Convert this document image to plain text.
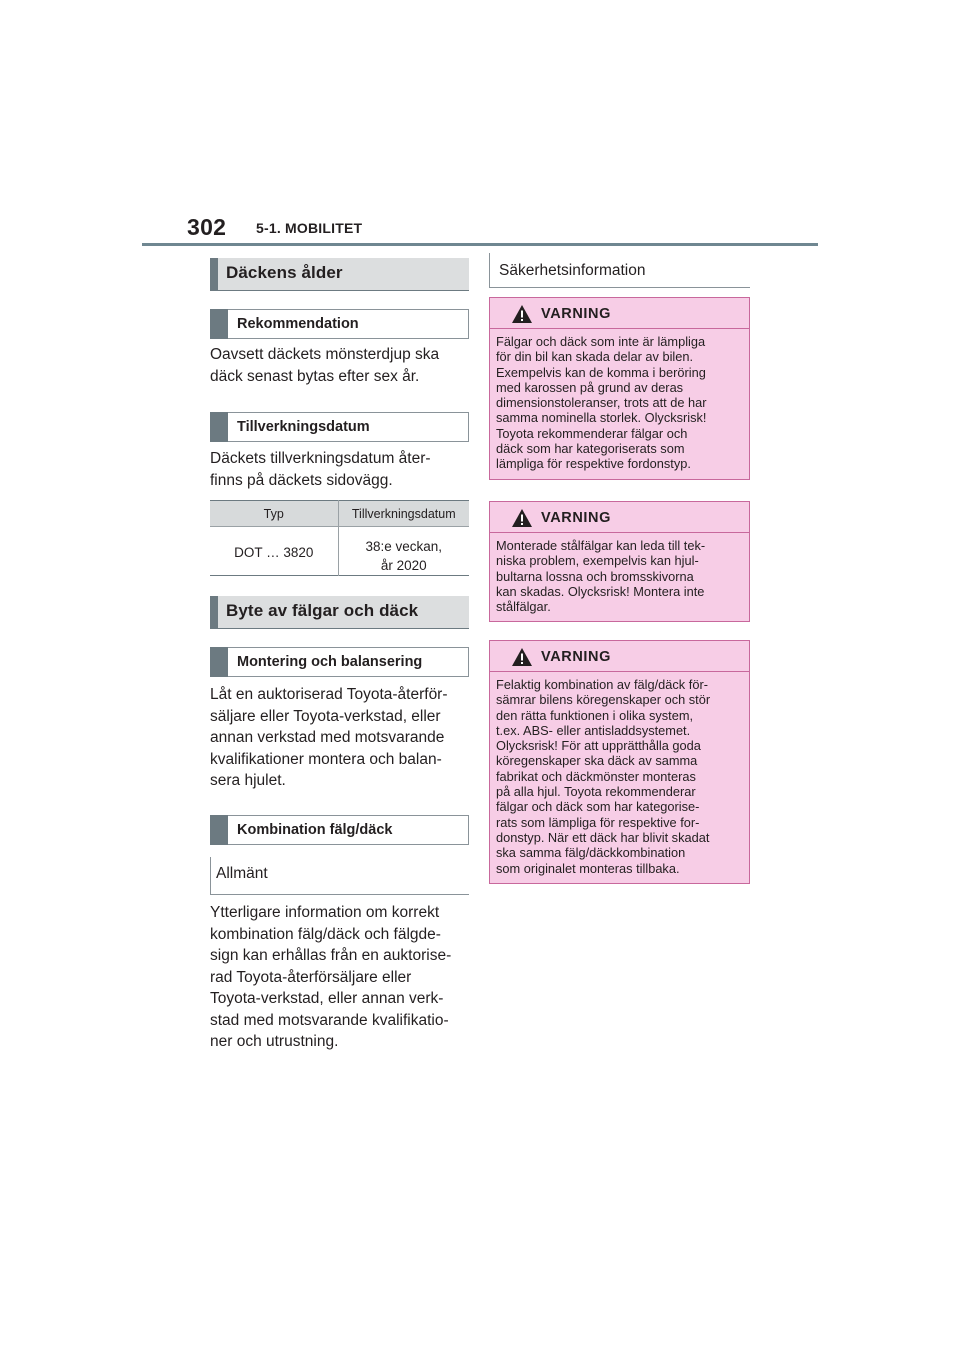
302 5-1. MOBILITET
Däckens ålder
Rekommendation
Oavsett däckets mönsterdjup ska
däck senast bytas efter sex år.
Tillverkningsdatum
Däckets tillverkningsdatum åter-
finns på däckets sidovägg.
Typ	Tillverkningsdatum
DOT … 3820	38:e veckan,
år 2020
Byte av fälgar och däck
Montering och balansering
Låt en auktoriserad Toyota-återför-
säljare eller Toyota-verkstad, eller
annan verkstad med motsvarande
kvalifikationer montera och balan-
sera hjulet.
Kombination fälg/däck
Allmänt
Ytterligare information om korrekt
kombination fälg/däck och fälgde-
sign kan erhållas från en auktorise-
rad Toyota-återförsäljare eller
Toyota-verkstad, eller annan verk-
stad med motsvarande kvalifikatio-
ner och utrustning.
Säkerhetsinformation
VARNING
Fälgar och däck som inte är lämpliga
för din bil kan skada delar av bilen.
Exempelvis kan de komma i beröring
med karossen på grund av deras
dimensionstoleranser, trots att de har
samma nominella storlek. Olycksrisk!
Toyota rekommenderar fälgar och
däck som har kategoriserats som
lämpliga för respektive fordonstyp.
VARNING
Monterade stålfälgar kan leda till tek-
niska problem, exempelvis kan hjul-
bultarna lossna och bromsskivorna
kan skadas. Olycksrisk! Montera inte
stålfälgar.
VARNING
Felaktig kombination av fälg/däck för-
sämrar bilens köregenskaper och stör
den rätta funktionen i olika system,
t.ex. ABS- eller antisladdsystemet.
Olycksrisk! För att upprätthålla goda
köregenskaper ska däck av samma
fabrikat och däckmönster monteras
på alla hjul. Toyota rekommenderar
fälgar och däck som har kategorise-
rats som lämpliga för respektive for-
donstyp. När ett däck har blivit skadat
ska samma fälg/däckkombination
som originalet monteras tillbaka.
